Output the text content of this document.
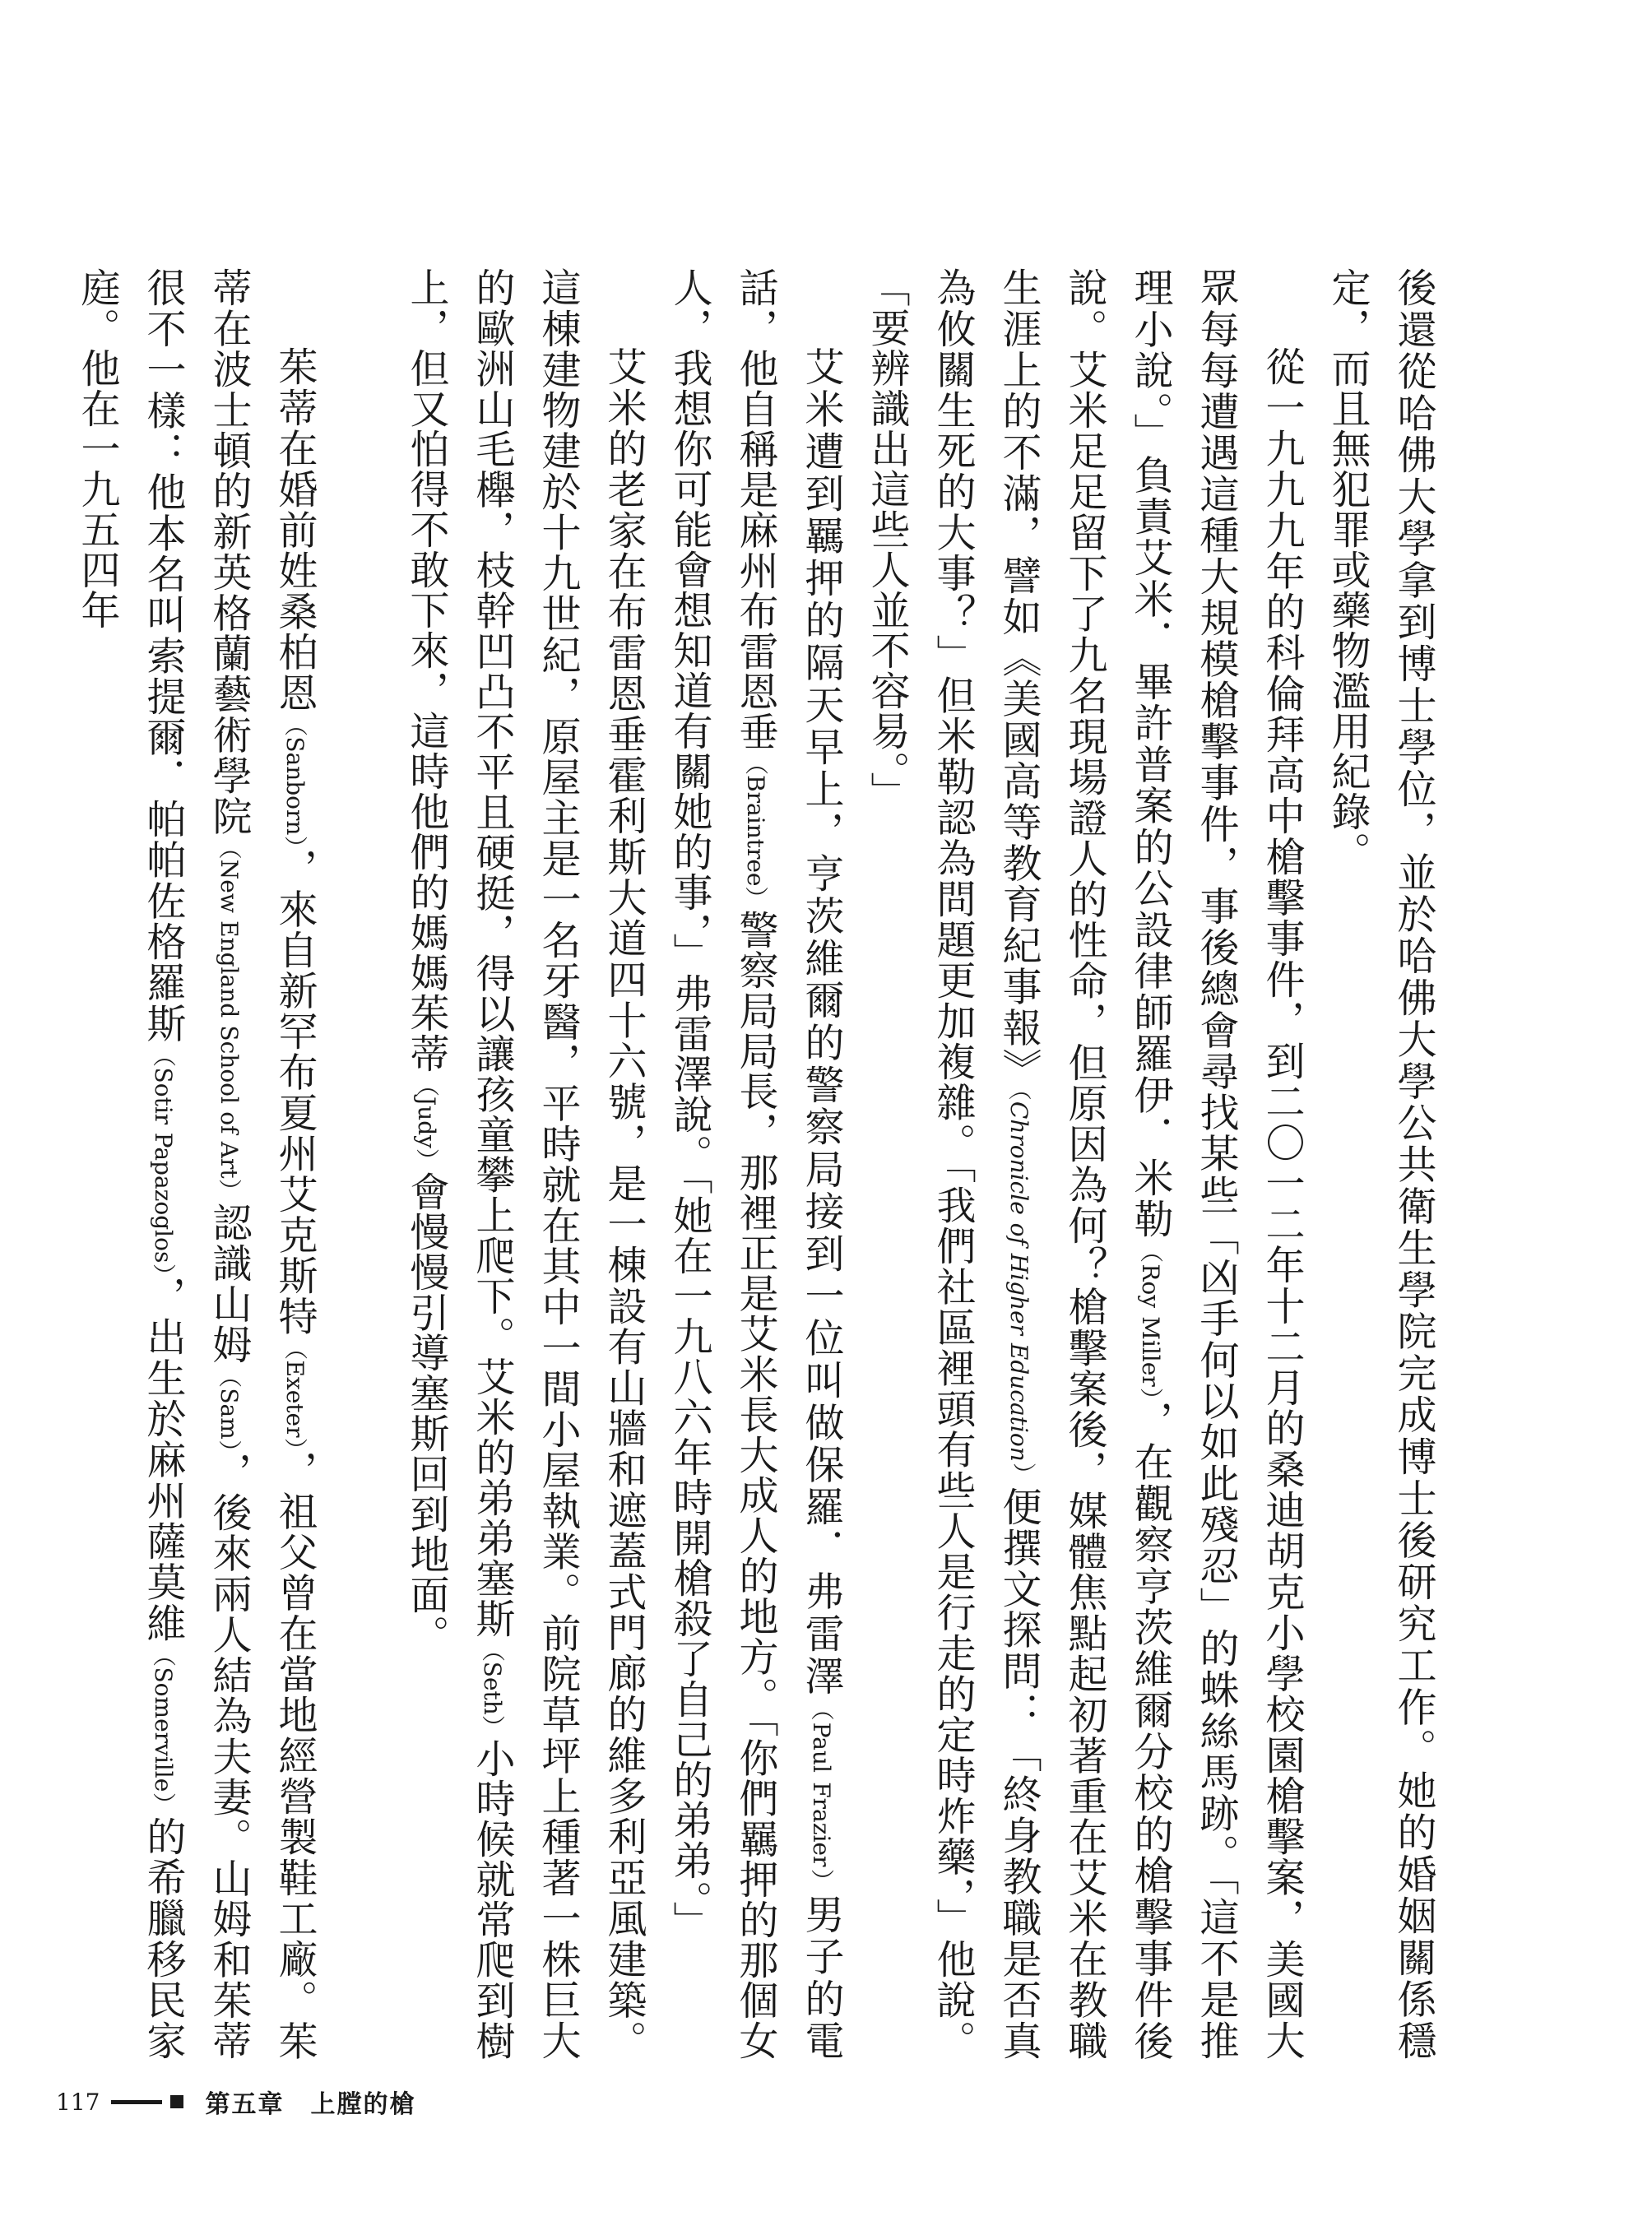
後還從哈佛大學拿到博士學位，並於哈佛大學公共衛生學院完成博士後研究工作。她的婚姻關係穩定，而且無犯罪或藥物濫用紀錄。

從一九九九年的科倫拜高中槍擊事件，到二〇一二年十二月的桑迪胡克小學校園槍擊案，美國大眾每每遭遇這種大規模槍擊事件，事後總會尋找某些「凶手何以如此殘忍」的蛛絲馬跡。「這不是推理小說。」負責艾米．畢許普案的公設律師羅伊．米勒（Roy Miller），在觀察亨茨維爾分校的槍擊事件後說。艾米足足留下了九名現場證人的性命，但原因為何？槍擊案後，媒體焦點起初著重在艾米在教職生涯上的不滿，譬如《美國高等教育紀事報》（Chronicle of Higher Education）便撰文探問：「終身教職是否真為攸關生死的大事？」但米勒認為問題更加複雜。「我們社區裡頭有些人是行走的定時炸藥，」他說。「要辨識出這些人並不容易。」

艾米遭到羈押的隔天早上，亨茨維爾的警察局接到一位叫做保羅．弗雷澤（Paul Frazier）男子的電話，他自稱是麻州布雷恩垂（Braintree）警察局局長，那裡正是艾米長大成人的地方。「你們羈押的那個女人，我想你可能會想知道有關她的事，」弗雷澤說。「她在一九八六年時開槍殺了自己的弟弟。」

艾米的老家在布雷恩垂霍利斯大道四十六號，是一棟設有山牆和遮蓋式門廊的維多利亞風建築。這棟建物建於十九世紀，原屋主是一名牙醫，平時就在其中一間小屋執業。前院草坪上種著一株巨大的歐洲山毛櫸，枝幹凹凸不平且硬挺，得以讓孩童攀上爬下。艾米的弟弟塞斯（Seth）小時候就常爬到樹上，但又怕得不敢下來，這時他們的媽媽茱蒂（Judy）會慢慢引導塞斯回到地面。

茱蒂在婚前姓桑柏恩（Sanborn），來自新罕布夏州艾克斯特（Exeter），祖父曾在當地經營製鞋工廠。茱蒂在波士頓的新英格蘭藝術學院（New England School of Art）認識山姆（Sam），後來兩人結為夫妻。山姆和茱蒂很不一樣：他本名叫索提爾．帕帕佐格羅斯（Sotir Papazoglos），出生於麻州薩莫維（Somerville）的希臘移民家庭。他在一九五四年

117	第五章　上膛的槍
